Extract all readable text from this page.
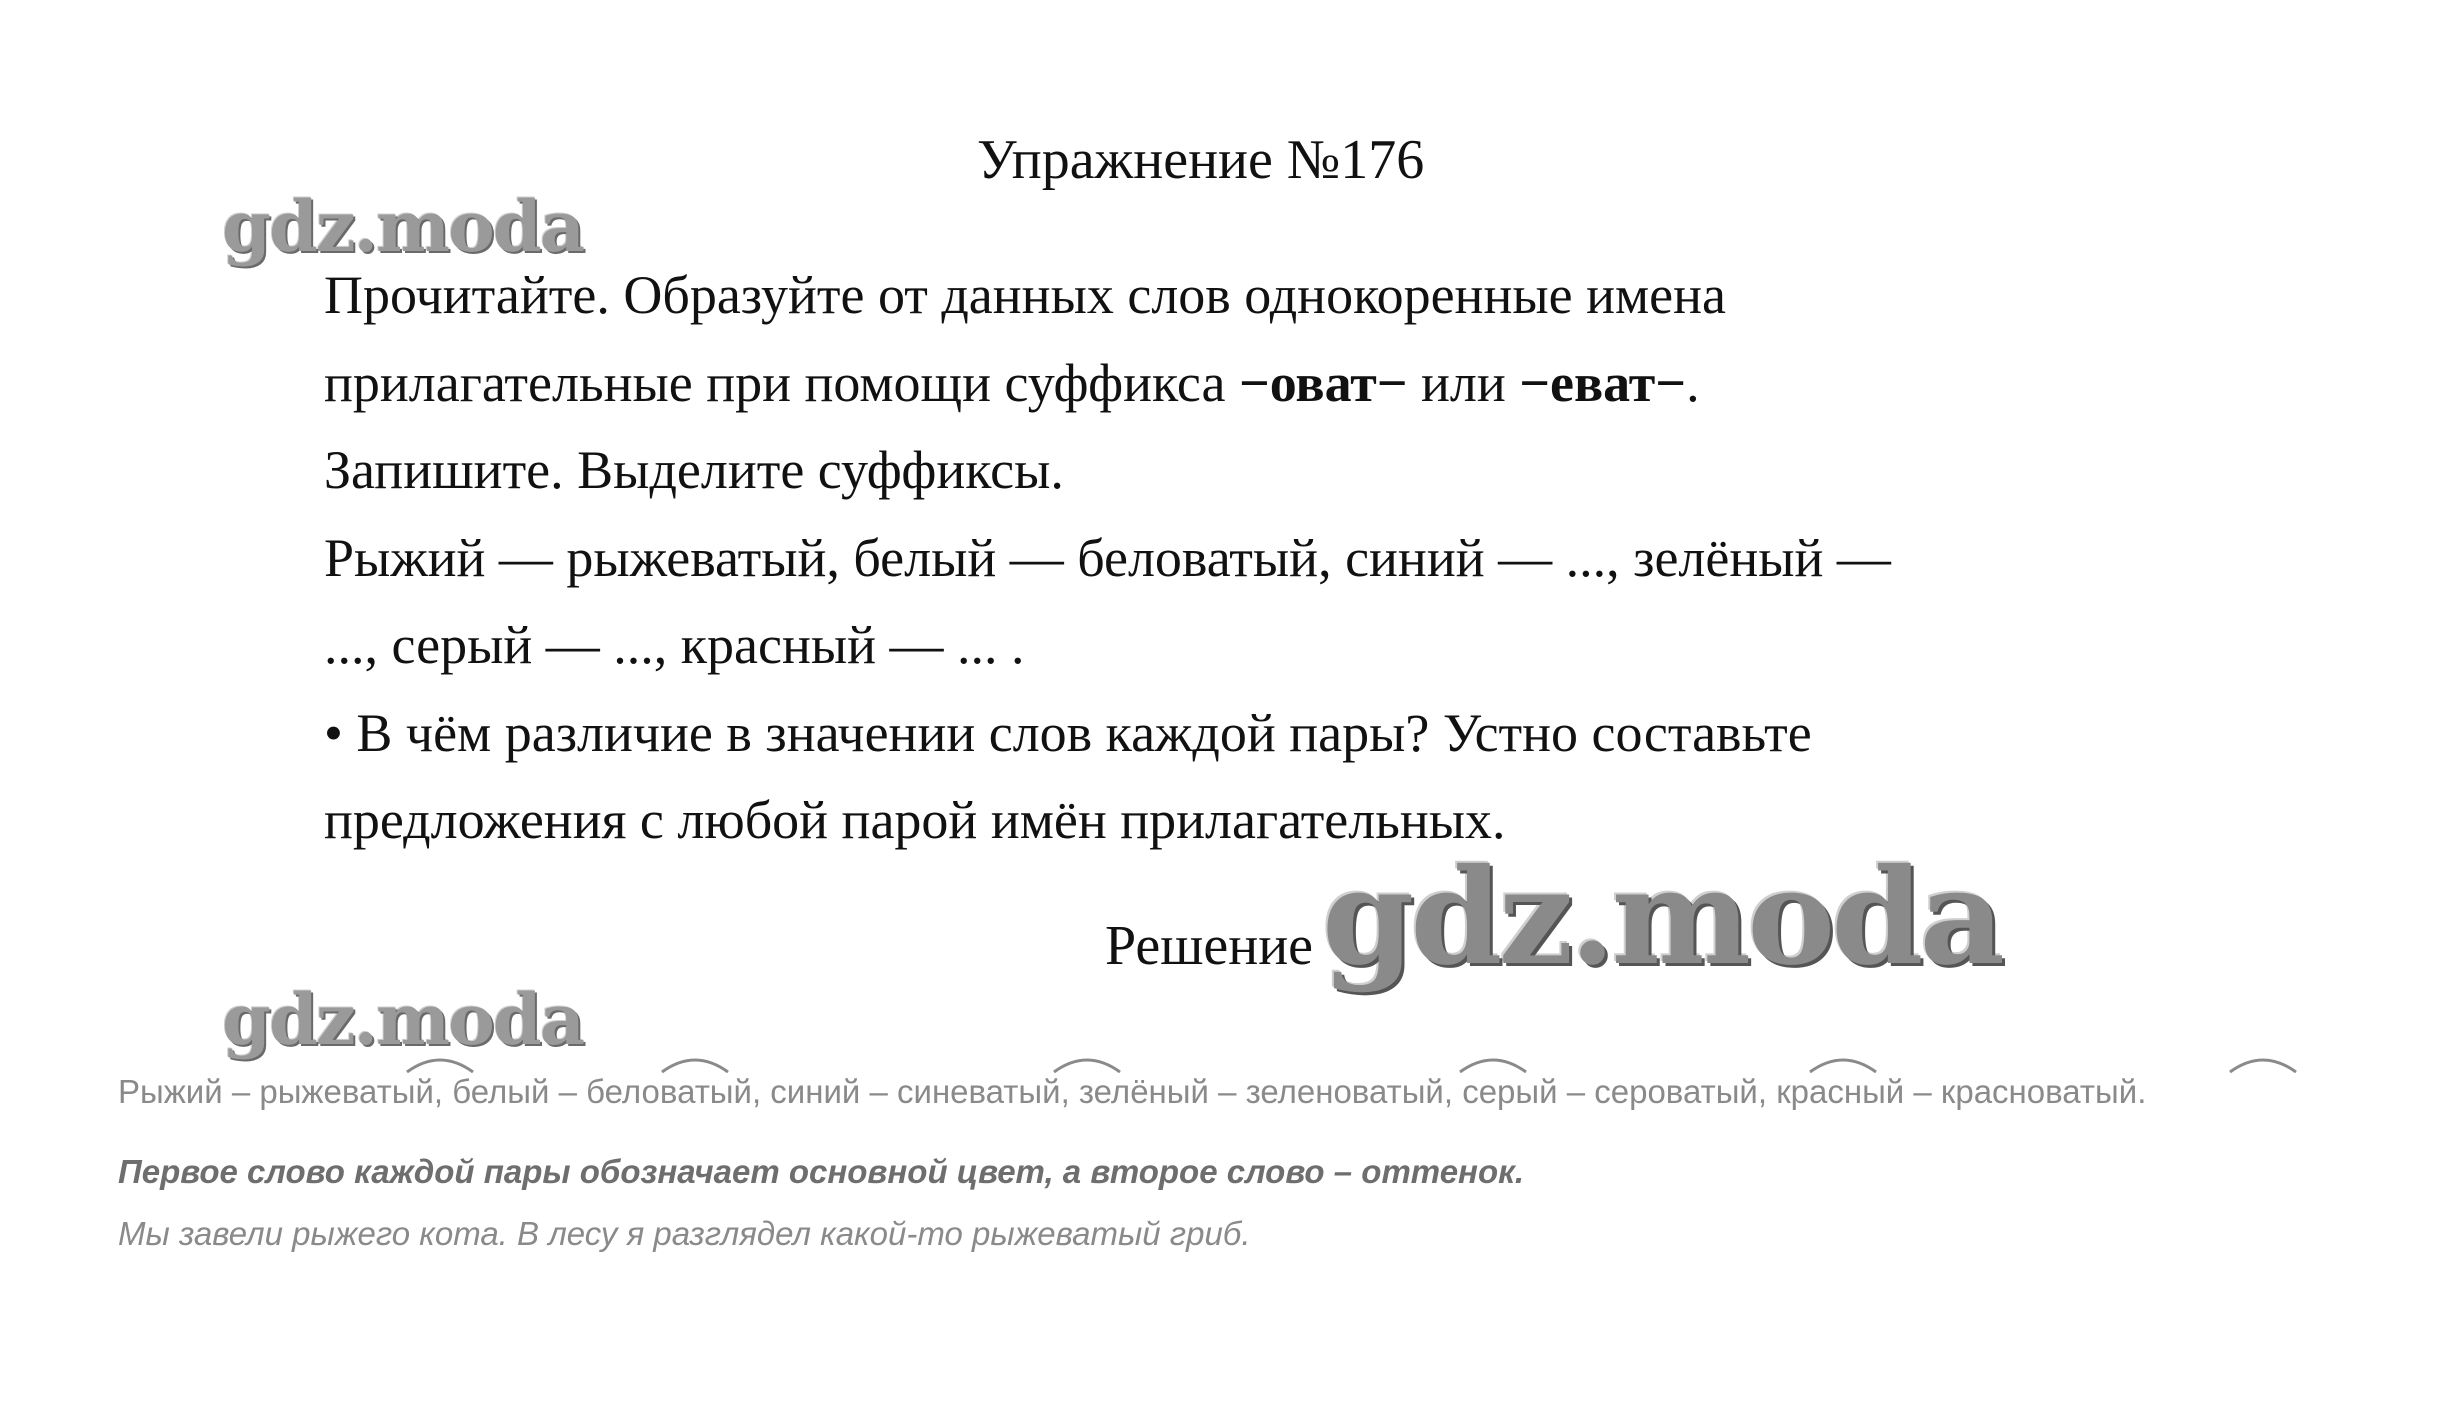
Упражнение №176
gdz.moda
Прочитайте. Образуйте от данных слов однокоренные имена
прилагательные при помощи суффикса −оват− или −еват−.
Запишите. Выделите суффиксы.
Рыжий — рыжеватый, белый — беловатый, синий — ..., зелёный —
..., серый — ..., красный — ... .
• В чём различие в значении слов каждой пары? Устно составьте
предложения с любой парой имён прилагательных.
Решение gdz.moda
gdz.moda
Рыжий – рыжеватый, белый – беловатый, синий – синеватый, зелёный – зеленоватый, серый – сероватый, красный – красноватый.
Первое слово каждой пары обозначает основной цвет, а второе слово – оттенок.
Мы завели рыжего кота. В лесу я разглядел какой-то рыжеватый гриб.
